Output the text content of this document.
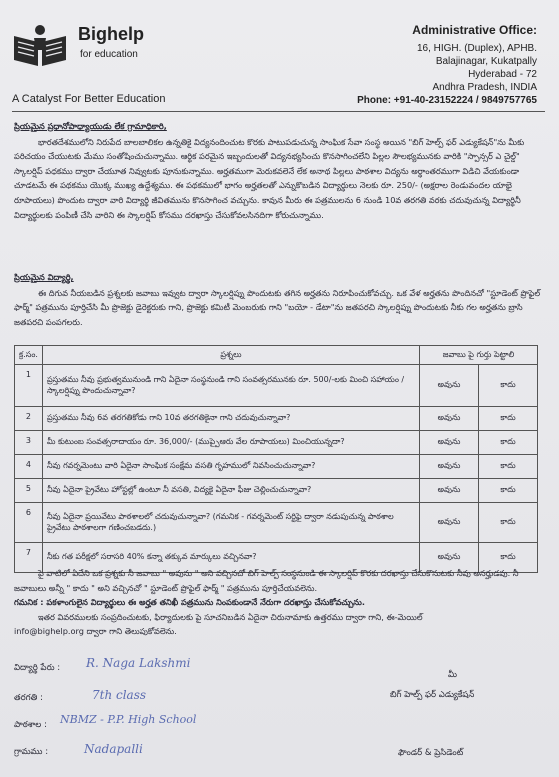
Bighelp
for education
A Catalyst For Better Education
Administrative Office:
16, HIGH. (Duplex), APHB.
Balajinagar, Kukatpally
Hyderabad - 72
Andhra Pradesh, INDIA
Phone: +91-40-23152224 / 9849757765
ప్రియమైన ప్రధానోపాధ్యాయుడు లేక గ్రామాధికారి,
భారతదేశములోని నిరుపేద బాలబాలికల ఉన్నతికై విద్యనందించుట కొరకు పాటుపడుచున్న సాంఘిక సేవా సంస్థ అయిన "బిగ్ హెల్ప్ ఫర్ ఎడ్యుకేషన్"ను మీకు పరిచయం చేయుటకు మేము సంతోషించుచున్నాము. ఆర్థిక పరమైన ఇబ్బందులతో విద్యనభ్యసించు కొనసాగించలేని పిల్లల సౌలభ్యమునకు వారికి "స్పాన్సర్ ఎ చైల్డ్" స్కాలర్షిప్ పధకము ద్వారా చేయూత నివ్వుటకు పూనుకున్నాము. అర్హతముగా మెరుకవలెనే లేక అనాథ పిల్లలు పాఠశాల విద్యను అర్థాంతరముగా విడిచి వేయకుండా చూడటమే ఈ పథకము యొక్క ముఖ్య ఉద్దేశ్యము. ఈ పథకములో భాగం అర్హతలతో ఎన్నుకొబడిన విద్యార్థులు నెలకు రూ. 250/- (అక్షరాల రెండువందల యాభై రూపాయలు) పొందుట ద్వారా వారి విద్యార్థి జీవితమును కొనసాగించ వచ్చును. కావున మీరు ఈ పత్రములను 6 నుండి 10వ తరగతి వరకు చదువుచున్న విద్యార్థినీ విద్యార్థులకు పంపిణీ చేసి వారిని ఈ స్కాలర్షిప్ కోసము దరఖాస్తు చేసుకోవలసినదిగా కోరుచున్నాము.
ప్రియమైన విద్యార్థి,
ఈ దిగువ నీయబడిన ప్రశ్నలకు జవాబు ఇవ్వుట ద్వారా స్కాలర్షిప్ను పొందుటకు తగిన అర్హతను నిరూపించుకోవచ్చు. ఒక వేళ అర్హతను పొందినచో "స్టూడెంట్ ప్రొఫైల్ ఫార్మ్" పత్రమును పూర్తిచేసి మీ ప్రొజెక్టు డైరెక్టరుకు గాని, ప్రొజెక్టు కమిటీ మెంబరుకు గాని "బయో - డేటా"ను జతపరచి స్కాలర్షిప్ను పొందుటకు నీకు గల అర్హతను బ్రాసి జతపరచి పంపగలరు.
క్ర.సం.	ప్రశ్నలు	జవాబు పై గుర్తు పెట్టాలి	
1	ప్రస్తుతము నీవు ప్రభుత్వమునుండి గాని ఏదైనా సంస్థనుండి గాని సంవత్సరమునకు రూ. 500/-లకు మించి సహాయం / స్కాలర్షిప్ను పొందుచున్నావా?	అవును	కాదు
2	ప్రస్తుతము నీవు 6వ తరగతికోడు గాని 10వ తరగతికైనా గాని చదువుచున్నావా?	అవును	కాదు
3	మీ కుటుంబ సంవత్సరాదాయం రూ. 36,000/- (ముప్పైఆరు వేల రూపాయలు) మించియున్నదా?	అవును	కాదు
4	నీవు గవర్నమెంటు వారి ఏదైనా సాంఘిక సంక్షేమ వసతి గృహములో నివసించుచున్నావా?	అవును	కాదు
5	నీవు ఏదైనా ప్రైవేటు హోస్టల్లో ఉంటూ నీ వసతి, విద్యకై ఏదైనా ఫీజు చెల్లించుచున్నావా?	అవును	కాదు
6	నీవు ఏదైనా ప్రయివేటు పాఠశాలలో చదువుచున్నావా? (గమనిక - గవర్నమెంట్ సర్టిఫై ద్వారా నడుపుచున్న పాఠశాల ప్రైవేటు పాఠశాలగా గణించబడదు.)	అవును	కాదు
7	నీకు గత పరీక్షలో సరాసరి 40% కన్నా తక్కువ మార్కులు వచ్చినవా?	అవును	కాదు
పై వాటిలో ఏదేని ఒక ప్రశ్నకు నీ జవాబు " అవును " అని వచ్చినచో బిగ్ హెల్ప్ సంస్థనుండి ఈ స్కాలర్షిప్ కొరకు దరఖాస్తు చేసుకొనుటకు నీవు అనర్హుడవు. నీ జవాబులు అన్నీ " కాదు " అని వచ్చినచో " స్టూడెంట్ ప్రొఫైల్ ఫార్మ్ " పత్రమును పూర్తిచేయవలెను.
గమనిక : పకళాంగులైన విద్యార్థులు ఈ అర్హత తనిఖీ పత్రమును నింపకుండానే నేరుగా దరఖాస్తు చేసుకోవచ్చును.
ఇతర వివరములకు సంప్రదించుటకు, ఫిర్యాదులకు పై సూచనిబడిన ఏదైనా చిరునామాకు ఉత్తరము ద్వారా గాని, ఈ-మెయిల్
info@bighelp.org ద్వారా గాని తెలుపుకోవలెను.
విద్యార్థి పేరు : R. Naga Lakshmi
తరగతి :	7th class
పాఠశాల : NBMZ - P.P. High School
గ్రామము :	Nadapalli
మీ
బిగ్ హెల్ప్ ఫర్ ఎడ్యుకేషన్
ఫౌండర్ & ప్రెసిడెంట్
